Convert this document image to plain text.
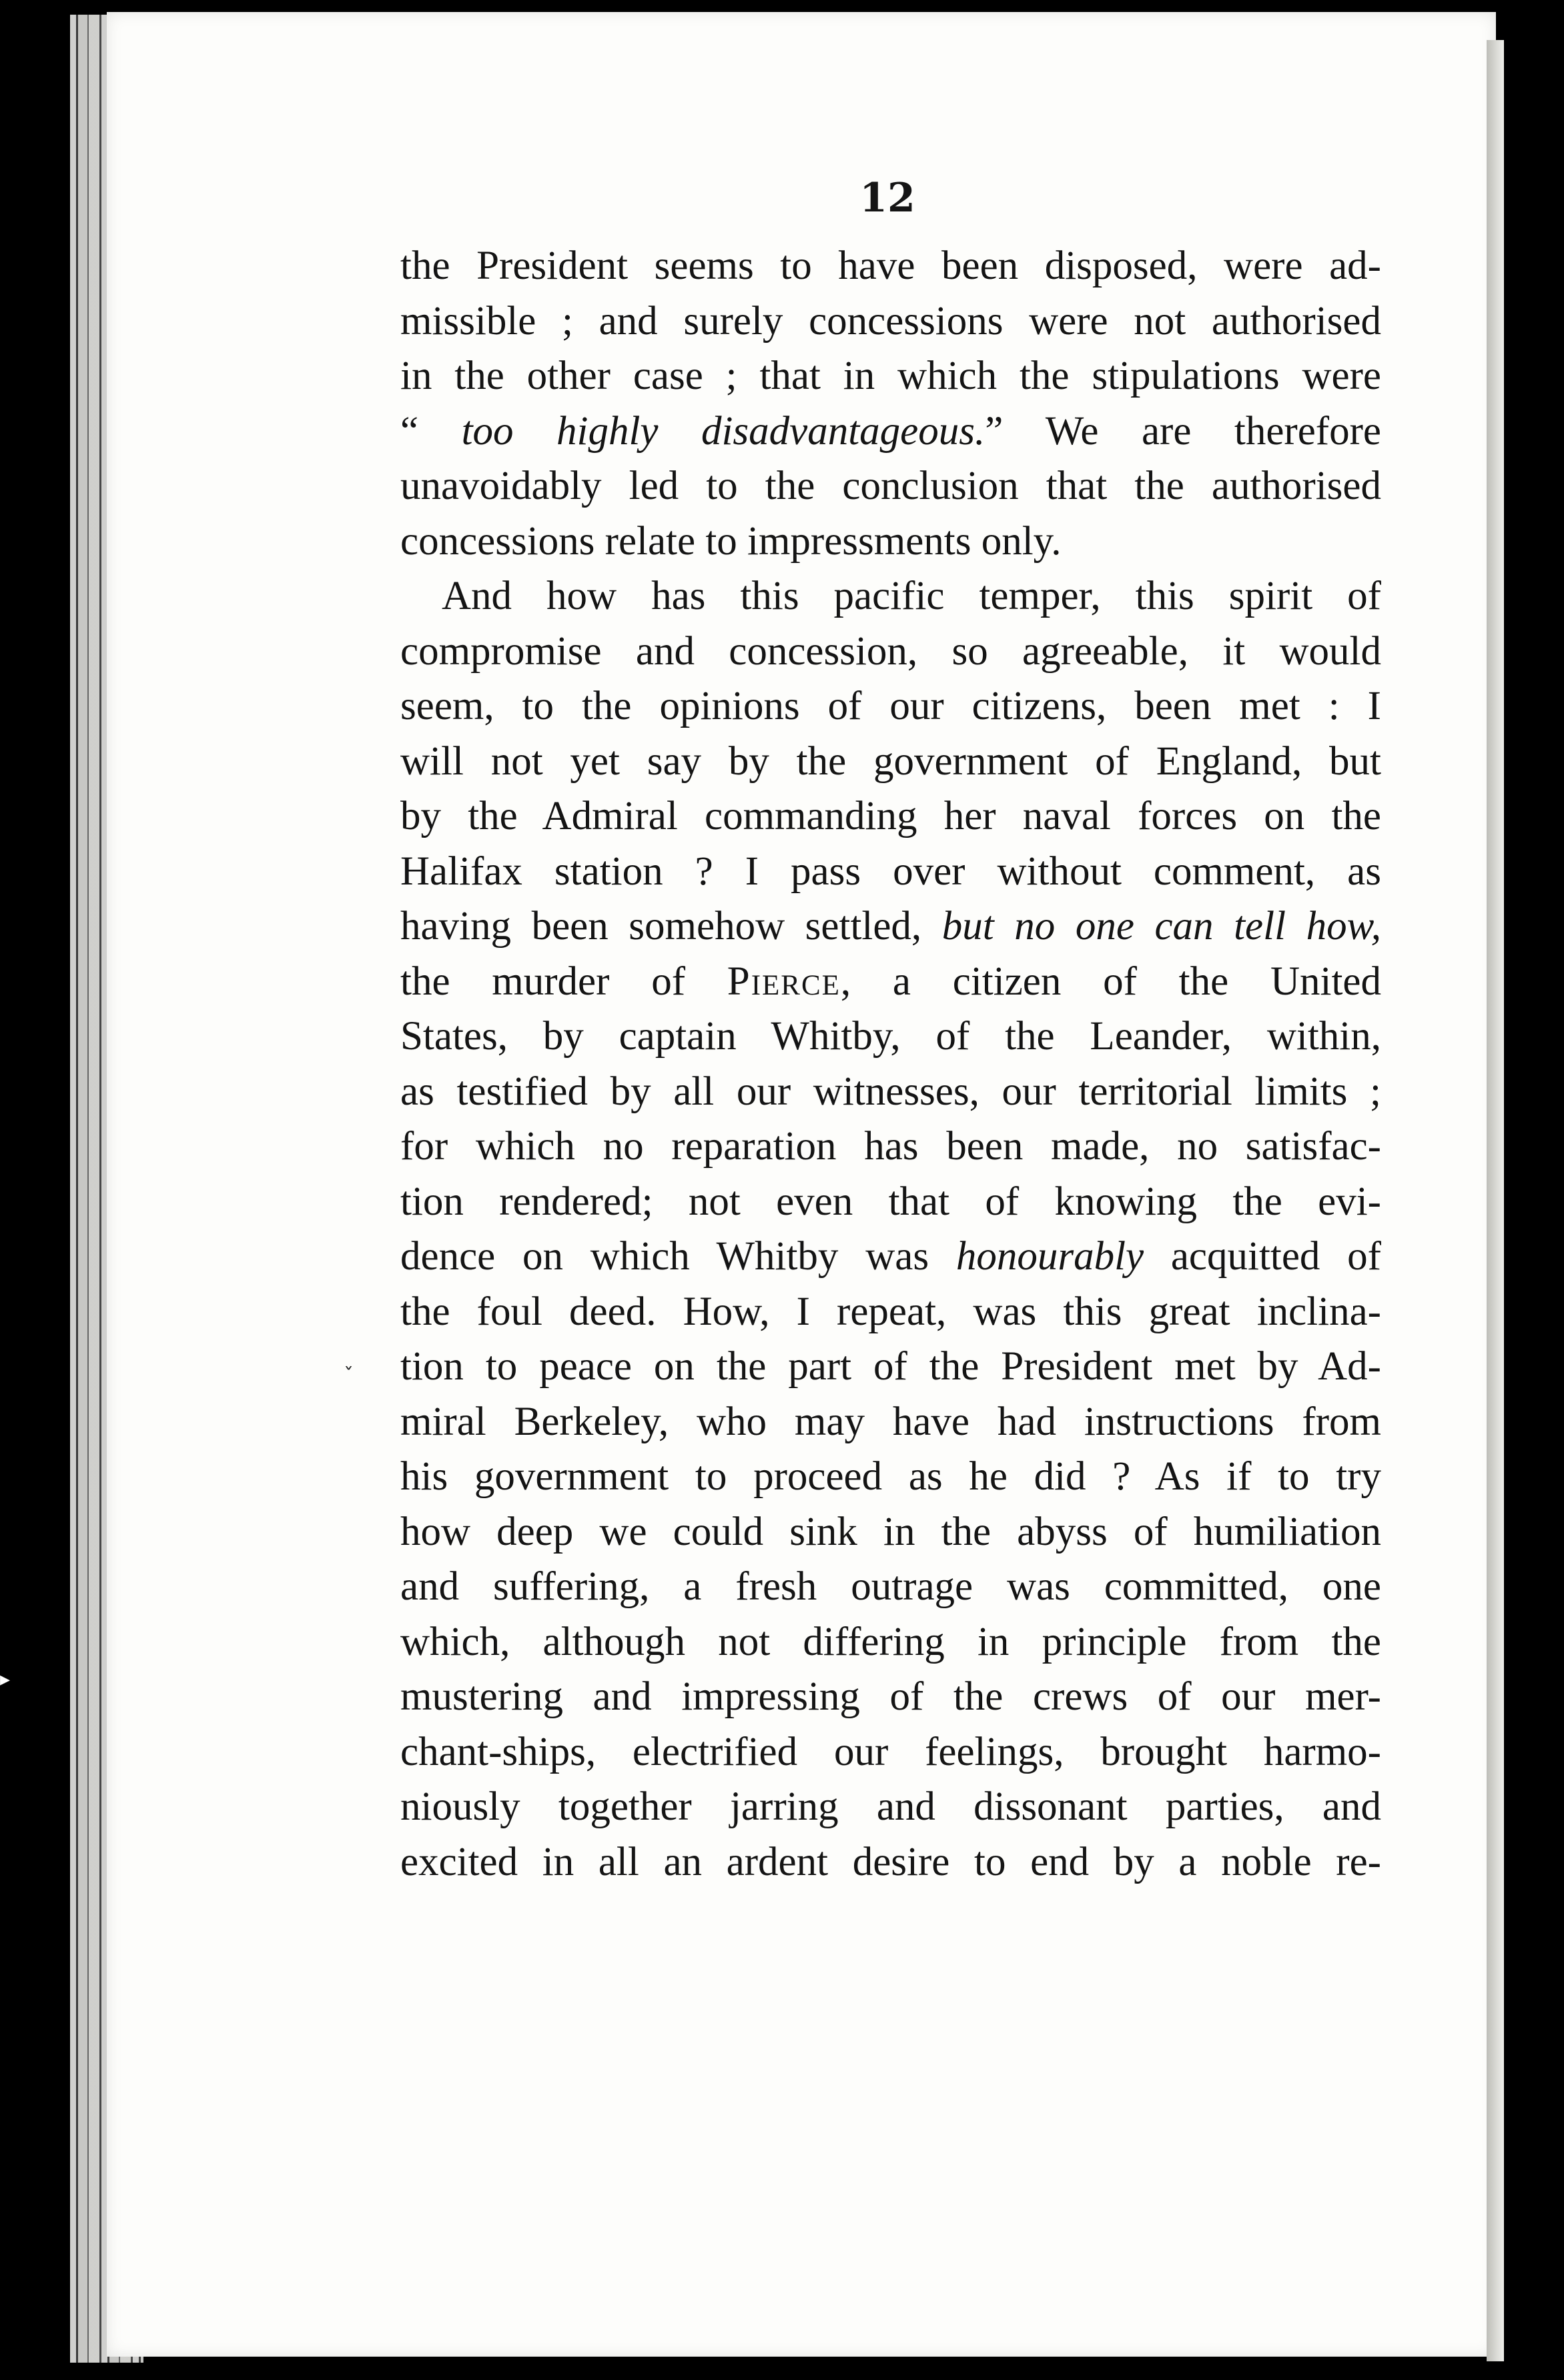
12
the President seems to have been disposed, were ad-
missible ; and surely concessions were not authorised
in the other case ; that in which the stipulations were
“ too highly disadvantageous.” We are therefore
unavoidably led to the conclusion that the authorised
concessions relate to impressments only.
And how has this pacific temper, this spirit of
compromise and concession, so agreeable, it would
seem, to the opinions of our citizens, been met : I
will not yet say by the government of England, but
by the Admiral commanding her naval forces on the
Halifax station ? I pass over without comment, as
having been somehow settled, but no one can tell how,
the murder of Pierce, a citizen of the United
States, by captain Whitby, of the Leander, within,
as testified by all our witnesses, our territorial limits ;
for which no reparation has been made, no satisfac-
tion rendered; not even that of knowing the evi-
dence on which Whitby was honourably acquitted of
the foul deed. How, I repeat, was this great inclina-
tion to peace on the part of the President met by Ad-
miral Berkeley, who may have had instructions from
his government to proceed as he did ? As if to try
how deep we could sink in the abyss of humiliation
and suffering, a fresh outrage was committed, one
which, although not differing in principle from the
mustering and impressing of the crews of our mer-
chant-ships, electrified our feelings, brought harmo-
niously together jarring and dissonant parties, and
excited in all an ardent desire to end by a noble re-
ˇ
▸
